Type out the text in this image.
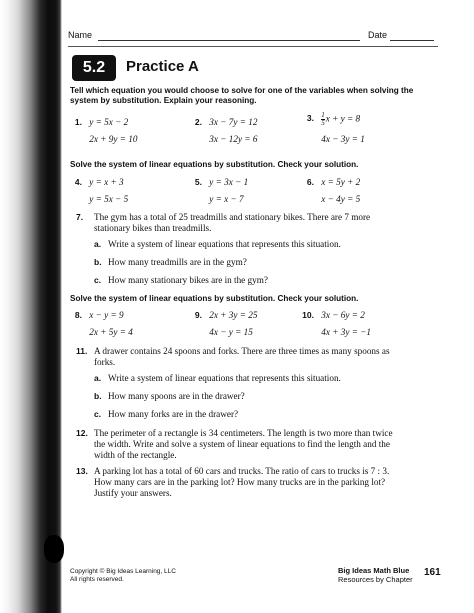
Name	Date
5.2	Practice A
Tell which equation you would choose to solve for one of the variables when solving the system by substitution. Explain your reasoning.
1. y = 5x − 2
2x + 9y = 10
2. 3x − 7y = 12
3x − 12y = 6
3. $\frac{1}{5}$ x + y = 8
4x − 3y = 1
Solve the system of linear equations by substitution. Check your solution.
4. y = x + 3
y = 5x − 5
5. y = 3x − 1
y = x − 7
6. x = 5y + 2
x − 4y = 5
7. The gym has a total of 25 treadmills and stationary bikes. There are 7 more stationary bikes than treadmills.
a. Write a system of linear equations that represents this situation.
b. How many treadmills are in the gym?
c. How many stationary bikes are in the gym?
Solve the system of linear equations by substitution. Check your solution.
8. x − y = 9
2x + 5y = 4
9. 2x + 3y = 25
4x − y = 15
10. 3x − 6y = 2
4x + 3y = −1
11. A drawer contains 24 spoons and forks. There are three times as many spoons as forks.
a. Write a system of linear equations that represents this situation.
b. How many spoons are in the drawer?
c. How many forks are in the drawer?
12. The perimeter of a rectangle is 34 centimeters. The length is two more than twice the width. Write and solve a system of linear equations to find the length and the width of the rectangle.
13. A parking lot has a total of 60 cars and trucks. The ratio of cars to trucks is 7 : 3. How many cars are in the parking lot? How many trucks are in the parking lot? Justify your answers.
Copyright © Big Ideas Learning, LLC
All rights reserved.
Big Ideas Math Blue
Resources by Chapter
161
